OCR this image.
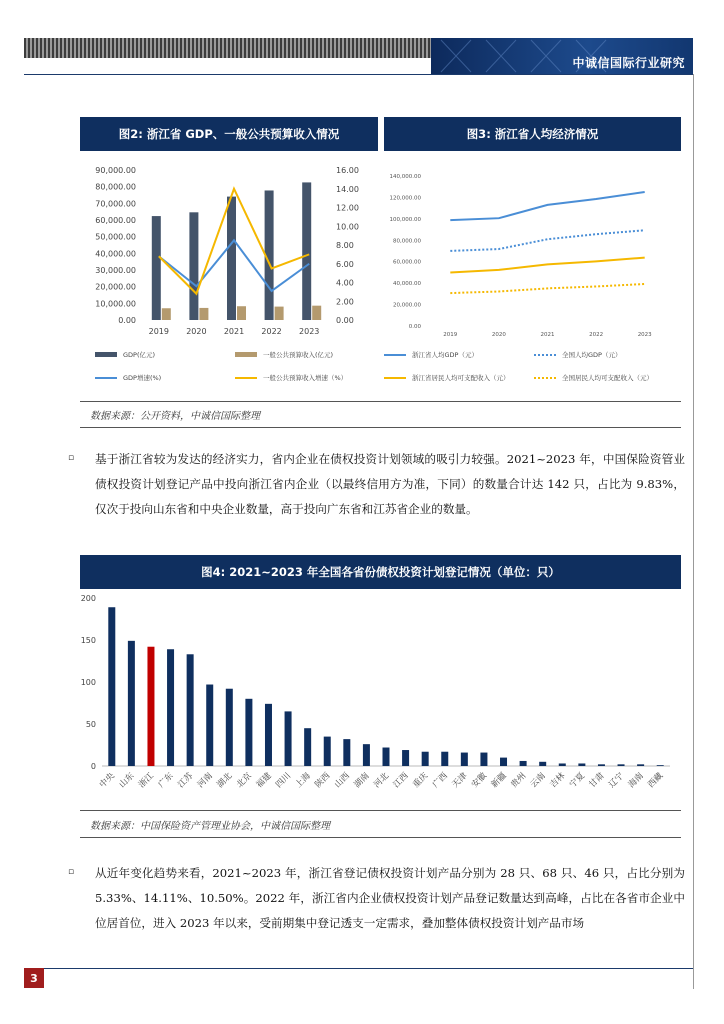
中诚信国际行业研究
图2: 浙江省 GDP、一般公共预算收入情况
0.00
10,000.00
20,000.00
30,000.00
40,000.00
50,000.00
60,000.00
70,000.00
80,000.00
90,000.00
0.00
2.00
4.00
6.00
8.00
10.00
12.00
14.00
16.00
2019 2020 2021 2022 2023
GDP(亿元)	一般公共预算收入(亿元)
GDP增速(%)	一般公共预算收入增速（%）
图3: 浙江省人均经济情况
0.00
20,000.00
40,000.00
60,000.00
80,000.00
100,000.00
120,000.00
140,000.00
2019	2020	2021	2022	2023
浙江省人均GDP（元）	全国人均GDP（元）
浙江省居民人均可支配收入（元）	全国居民人均可支配收入（元）
数据来源：公开资料，中诚信国际整理
▫ 基于浙江省较为发达的经济实力，省内企业在债权投资计划领域的吸引力较强。2021~2023 年，中国保险资管业债权投资计划登记产品中投向浙江省内企业（以最终信用方为准，下同）的数量合计达 142 只，占比为 9.83%，仅次于投向山东省和中央企业数量，高于投向广东省和江苏省企业的数量。
图4: 2021~2023 年全国各省份债权投资计划登记情况（单位：只）
0
50
100
150
200
中央 山东 浙江 广东 江苏 河南 湖北 北京 福建 四川 上海 陕西 山西 湖南 河北 江西 重庆 广西 天津 安徽 新疆 贵州 云南 吉林 宁夏 甘肃 辽宁 海南 西藏
数据来源：中国保险资产管理业协会，中诚信国际整理
▫ 从近年变化趋势来看，2021~2023 年，浙江省登记债权投资计划产品分别为 28 只、68 只、46 只，占比分别为 5.33%、14.11%、10.50%。2022 年，浙江省内企业债权投资计划产品登记数量达到高峰，占比在各省市企业中位居首位，进入 2023 年以来，受前期集中登记透支一定需求，叠加整体债权投资计划产品市场
3
